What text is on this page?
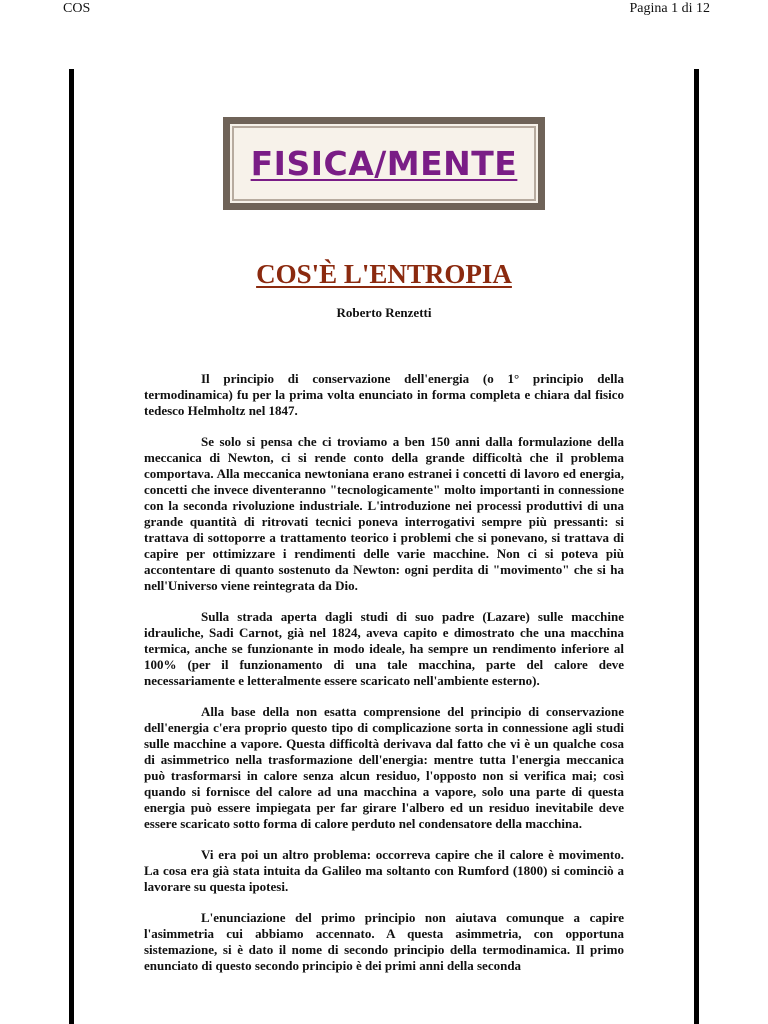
COS	Pagina 1 di 12
FISICA/MENTE
COS'È L'ENTROPIA
Roberto Renzetti

Il principio di conservazione dell'energia (o 1° principio della termodinamica) fu per la prima volta enunciato in forma completa e chiara dal fisico tedesco Helmholtz nel 1847.

Se solo si pensa che ci troviamo a ben 150 anni dalla formulazione della meccanica di Newton, ci si rende conto della grande difficoltà che il problema comportava. Alla meccanica newtoniana erano estranei i concetti di lavoro ed energia, concetti che invece diventeranno "tecnologicamente" molto importanti in connessione con la seconda rivoluzione industriale. L'introduzione nei processi produttivi di una grande quantità di ritrovati tecnici poneva interrogativi sempre più pressanti: si trattava di sottoporre a trattamento teorico i problemi che si ponevano, si trattava di capire per ottimizzare i rendimenti delle varie macchine. Non ci si poteva più accontentare di quanto sostenuto da Newton: ogni perdita di "movimento" che si ha nell'Universo viene reintegrata da Dio.

Sulla strada aperta dagli studi di suo padre (Lazare) sulle macchine idrauliche, Sadi Carnot, già nel 1824, aveva capito e dimostrato che una macchina termica, anche se funzionante in modo ideale, ha sempre un rendimento inferiore al 100% (per il funzionamento di una tale macchina, parte del calore deve necessariamente e letteralmente essere scaricato nell'ambiente esterno).

Alla base della non esatta comprensione del principio di conservazione dell'energia c'era proprio questo tipo di complicazione sorta in connessione agli studi sulle macchine a vapore. Questa difficoltà derivava dal fatto che vi è un qualche cosa di asimmetrico nella trasformazione dell'energia: mentre tutta l'energia meccanica può trasformarsi in calore senza alcun residuo, l'opposto non si verifica mai; così quando si fornisce del calore ad una macchina a vapore, solo una parte di questa energia può essere impiegata per far girare l'albero ed un residuo inevitabile deve essere scaricato sotto forma di calore perduto nel condensatore della macchina.

Vi era poi un altro problema: occorreva capire che il calore è movimento. La cosa era già stata intuita da Galileo ma soltanto con Rumford (1800) si cominciò a lavorare su questa ipotesi.

L'enunciazione del primo principio non aiutava comunque a capire l'asimmetria cui abbiamo accennato. A questa asimmetria, con opportuna sistemazione, si è dato il nome di secondo principio della termodinamica. Il primo enunciato di questo secondo principio è dei primi anni della seconda
